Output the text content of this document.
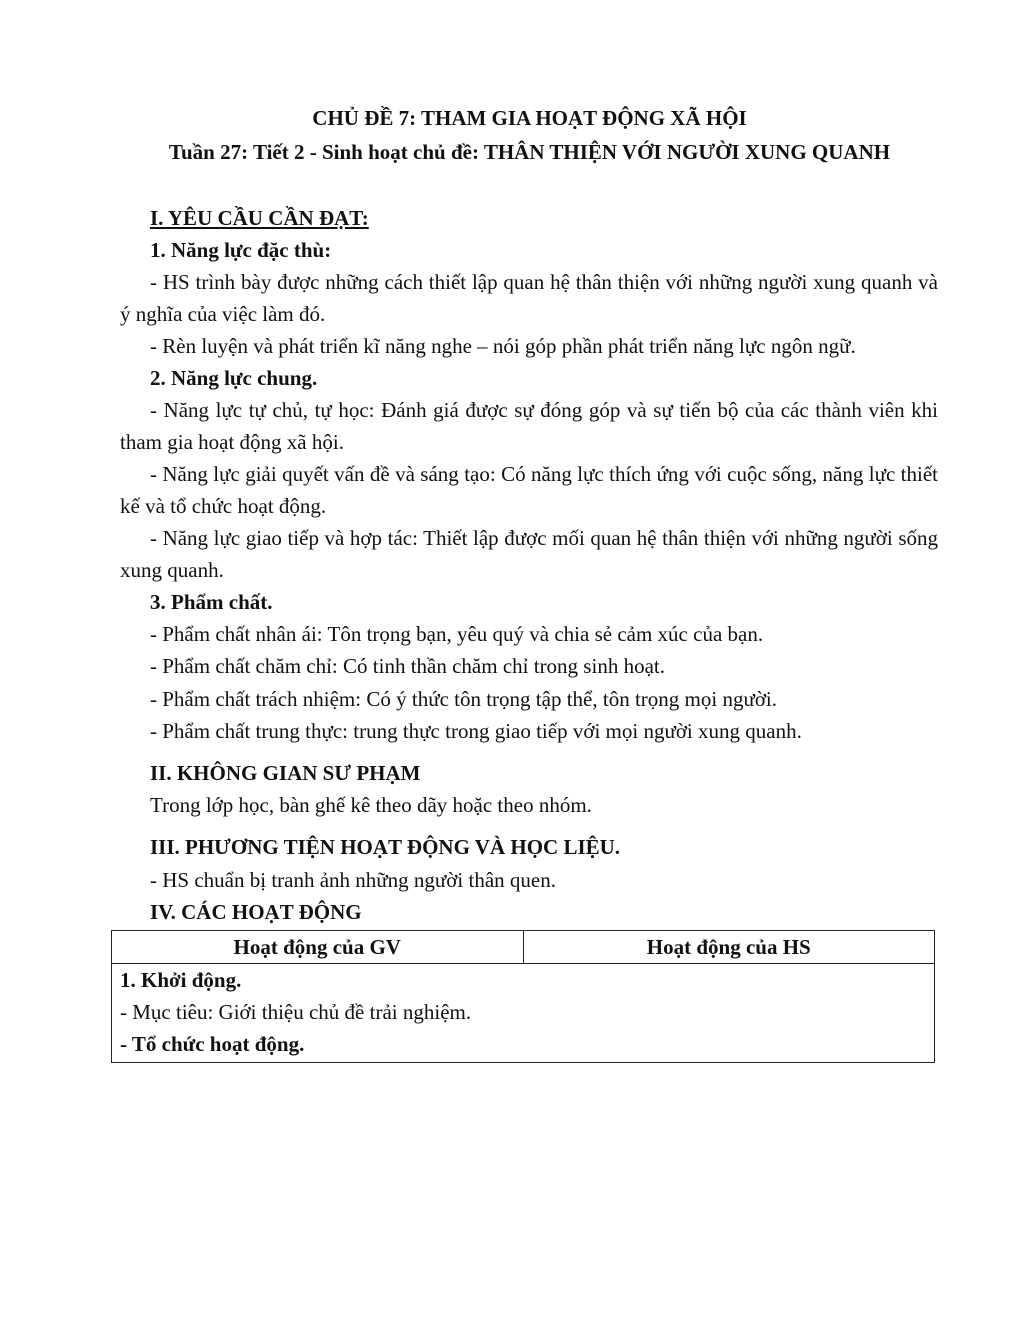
CHỦ ĐỀ 7: THAM GIA HOẠT ĐỘNG XÃ HỘI

Tuần 27: Tiết 2 - Sinh hoạt chủ đề: THÂN THIỆN VỚI NGƯỜI XUNG QUANH

I. YÊU CẦU CẦN ĐẠT:

1. Năng lực đặc thù:

- HS trình bày được những cách thiết lập quan hệ thân thiện với những người xung quanh và ý nghĩa của việc làm đó.

- Rèn luyện và phát triển kĩ năng nghe – nói góp phần phát triển năng lực ngôn ngữ.

2. Năng lực chung.

- Năng lực tự chủ, tự học: Đánh giá được sự đóng góp và sự tiến bộ của các thành viên khi tham gia hoạt động xã hội.

- Năng lực giải quyết vấn đề và sáng tạo: Có năng lực thích ứng với cuộc sống, năng lực thiết kế và tổ chức hoạt động.

- Năng lực giao tiếp và hợp tác: Thiết lập được mối quan hệ thân thiện với những người sống xung quanh.

3. Phẩm chất.

- Phẩm chất nhân ái: Tôn trọng bạn, yêu quý và chia sẻ cảm xúc của bạn.

- Phẩm chất chăm chỉ: Có tinh thần chăm chỉ trong sinh hoạt.

- Phẩm chất trách nhiệm: Có ý thức tôn trọng tập thể, tôn trọng mọi người.

- Phẩm chất trung thực: trung thực trong giao tiếp với mọi người xung quanh.

II. KHÔNG GIAN SƯ PHẠM

Trong lớp học, bàn ghế kê theo dãy hoặc theo nhóm.

III. PHƯƠNG TIỆN HOẠT ĐỘNG VÀ HỌC LIỆU.

- HS chuẩn bị tranh ảnh những người thân quen.

IV. CÁC HOẠT ĐỘNG

Hoạt động của GV	Hoạt động của HS

1. Khởi động.
- Mục tiêu: Giới thiệu chủ đề trải nghiệm.
- Tổ chức hoạt động.
